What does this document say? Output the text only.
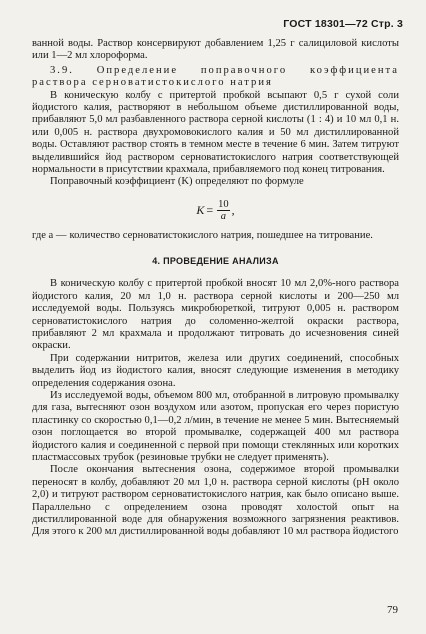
ГОСТ 18301—72 Стр. 3

ванной воды. Раствор консервируют добавлением 1,25 г салициловой кислоты или 1—2 мл хлороформа.

3.9. Определение поправочного коэффициента раствора серноватистокислого натрия

В коническую колбу с притертой пробкой всыпают 0,5 г сухой соли йодистого калия, растворяют в небольшом объеме дистиллированной воды, прибавляют 5,0 мл разбавленного раствора серной кислоты (1 : 4) и 10 мл 0,1 н. или 0,005 н. раствора двухромовокислого калия и 50 мл дистиллированной воды. Оставляют раствор стоять в темном месте в течение 6 мин. Затем титруют выделившийся йод раствором серноватистокислого натрия соответствующей нормальности в присутствии крахмала, прибавляемого под конец титрования.

Поправочный коэффициент (K) определяют по формуле

$K = \frac{10}{a}$ ,
где a — количество серноватистокислого натрия, пошедшее на титрование.
4. ПРОВЕДЕНИЕ АНАЛИЗА

В коническую колбу с притертой пробкой вносят 10 мл 2,0%-ного раствора йодистого калия, 20 мл 1,0 н. раствора серной кислоты и 200—250 мл исследуемой воды. Пользуясь микробюреткой, титруют 0,005 н. раствором серноватистокислого натрия до соломенно-желтой окраски раствора, прибавляют 2 мл крахмала и продолжают титровать до исчезновения синей окраски.

При содержании нитритов, железа или других соединений, способных выделить йод из йодистого калия, вносят следующие изменения в методику определения содержания озона.

Из исследуемой воды, объемом 800 мл, отобранной в литровую промывалку для газа, вытесняют озон воздухом или азотом, пропуская его через пористую пластинку со скоростью 0,1—0,2 л/мин, в течение не менее 5 мин. Вытесняемый озон поглощается во второй промывалке, содержащей 400 мл раствора йодистого калия и соединенной с первой при помощи стеклянных или коротких пластмассовых трубок (резиновые трубки не следует применять).

После окончания вытеснения озона, содержимое второй промывалки переносят в колбу, добавляют 20 мл 1,0 н. раствора серной кислоты (pH около 2,0) и титруют раствором серноватистокислого натрия, как было описано выше. Параллельно с определением озона проводят холостой опыт на дистиллированной воде для обнаружения возможного загрязнения реактивов. Для этого к 200 мл дистиллированной воды добавляют 10 мл раствора йодистого

79
